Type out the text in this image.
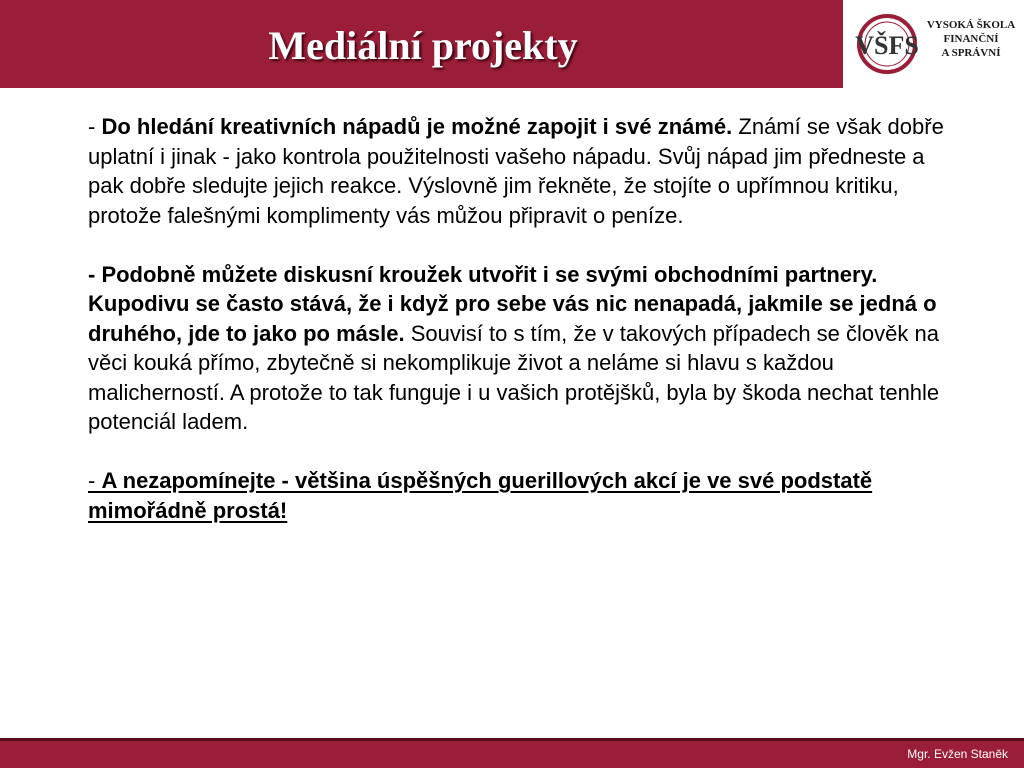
Mediální projekty	VŠFS
VYSOKÁ ŠKOLA
FINANČNÍ
A SPRÁVNÍ

- Do hledání kreativních nápadů je možné zapojit i své známé. Známí se však dobře uplatní i jinak - jako kontrola použitelnosti vašeho nápadu. Svůj nápad jim předneste a pak dobře sledujte jejich reakce. Výslovně jim řekněte, že stojíte o upřímnou kritiku, protože falešnými komplimenty vás můžou připravit o peníze.

- Podobně můžete diskusní kroužek utvořit i se svými obchodními partnery. Kupodivu se často stává, že i když pro sebe vás nic nenapadá, jakmile se jedná o druhého, jde to jako po másle. Souvisí to s tím, že v takových případech se člověk na věci kouká přímo, zbytečně si nekomplikuje život a neláme si hlavu s každou malicherností. A protože to tak funguje i u vašich protějšků, byla by škoda nechat tenhle potenciál ladem.

- A nezapomínejte - většina úspěšných guerillových akcí je ve své podstatě mimořádně prostá!

Mgr. Evžen Staněk
